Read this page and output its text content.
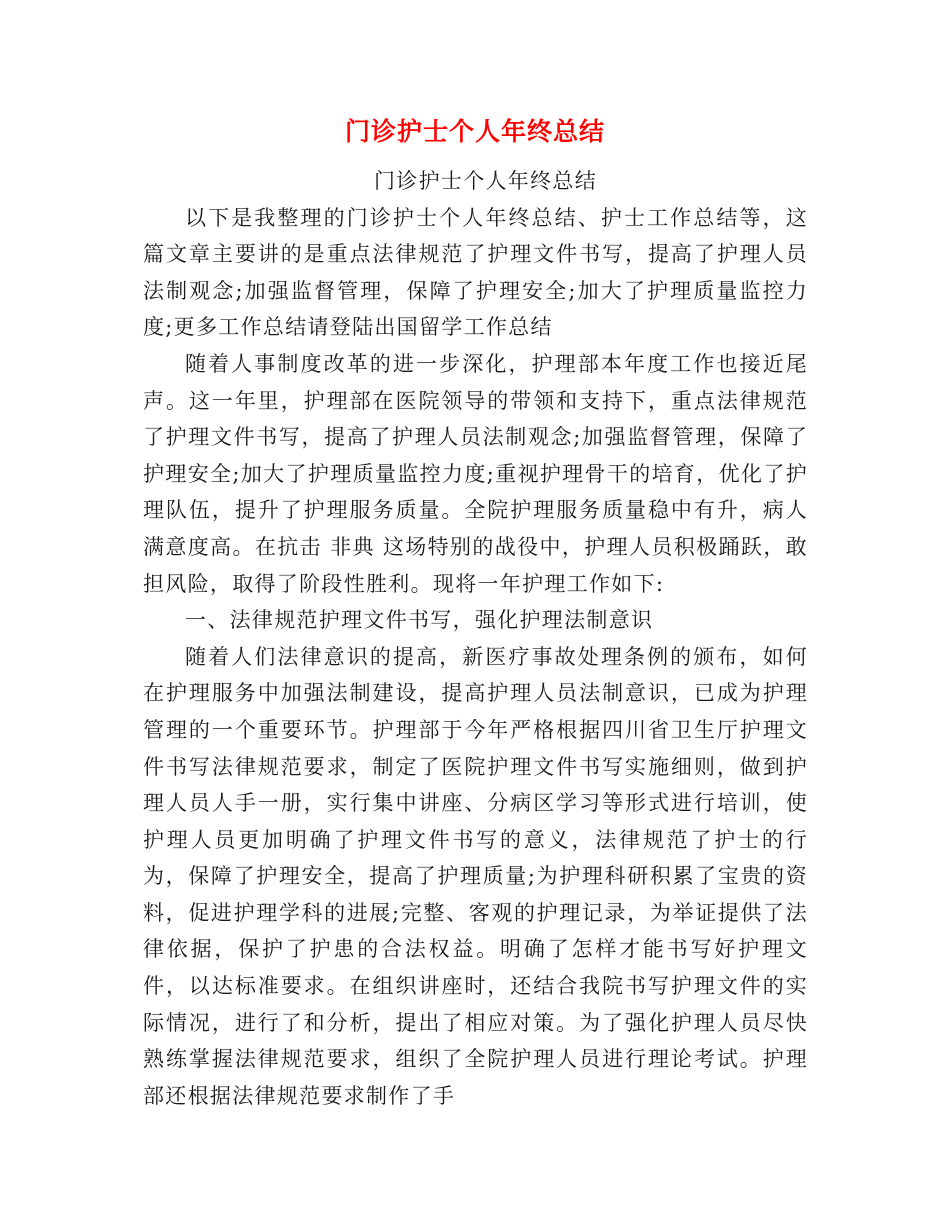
门诊护士个人年终总结

门诊护士个人年终总结

以下是我整理的门诊护士个人年终总结、护士工作总结等，这篇文章主要讲的是重点法律规范了护理文件书写，提高了护理人员法制观念;加强监督管理，保障了护理安全;加大了护理质量监控力度;更多工作总结请登陆出国留学工作总结

随着人事制度改革的进一步深化，护理部本年度工作也接近尾声。这一年里，护理部在医院领导的带领和支持下，重点法律规范了护理文件书写，提高了护理人员法制观念;加强监督管理，保障了护理安全;加大了护理质量监控力度;重视护理骨干的培育，优化了护理队伍，提升了护理服务质量。全院护理服务质量稳中有升，病人满意度高。在抗击 非典 这场特别的战役中，护理人员积极踊跃，敢担风险，取得了阶段性胜利。现将一年护理工作如下:

一、法律规范护理文件书写，强化护理法制意识

随着人们法律意识的提高，新医疗事故处理条例的颁布，如何在护理服务中加强法制建设，提高护理人员法制意识，已成为护理管理的一个重要环节。护理部于今年严格根据四川省卫生厅护理文件书写法律规范要求，制定了医院护理文件书写实施细则，做到护理人员人手一册，实行集中讲座、分病区学习等形式进行培训，使护理人员更加明确了护理文件书写的意义，法律规范了护士的行为，保障了护理安全，提高了护理质量;为护理科研积累了宝贵的资料，促进护理学科的进展;完整、客观的护理记录，为举证提供了法律依据，保护了护患的合法权益。明确了怎样才能书写好护理文件，以达标准要求。在组织讲座时，还结合我院书写护理文件的实际情况，进行了和分析，提出了相应对策。为了强化护理人员尽快熟练掌握法律规范要求，组织了全院护理人员进行理论考试。护理部还根据法律规范要求制作了手
